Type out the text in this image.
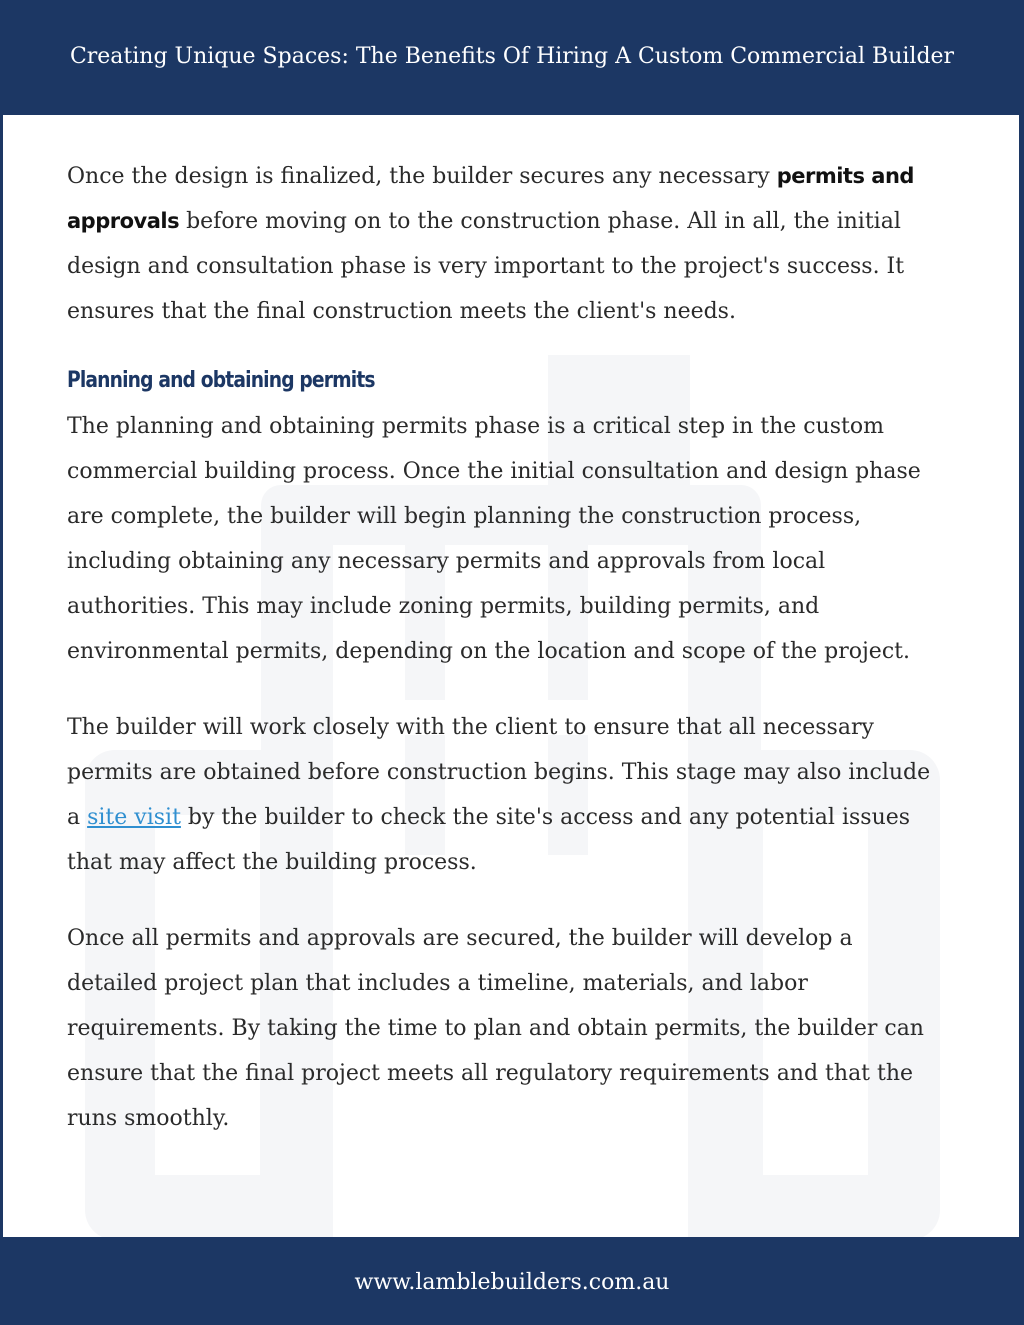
Creating Unique Spaces: The Benefits Of Hiring A Custom Commercial Builder

Once the design is finalized, the builder secures any necessary permits and approvals before moving on to the construction phase. All in all, the initial design and consultation phase is very important to the project's success. It ensures that the final construction meets the client's needs.

Planning and obtaining permits

The planning and obtaining permits phase is a critical step in the custom commercial building process. Once the initial consultation and design phase are complete, the builder will begin planning the construction process, including obtaining any necessary permits and approvals from local authorities. This may include zoning permits, building permits, and environmental permits, depending on the location and scope of the project.

The builder will work closely with the client to ensure that all necessary permits are obtained before construction begins. This stage may also include a site visit by the builder to check the site's access and any potential issues that may affect the building process.

Once all permits and approvals are secured, the builder will develop a detailed project plan that includes a timeline, materials, and labor requirements. By taking the time to plan and obtain permits, the builder can ensure that the final project meets all regulatory requirements and that the runs smoothly.

www.lamblebuilders.com.au
